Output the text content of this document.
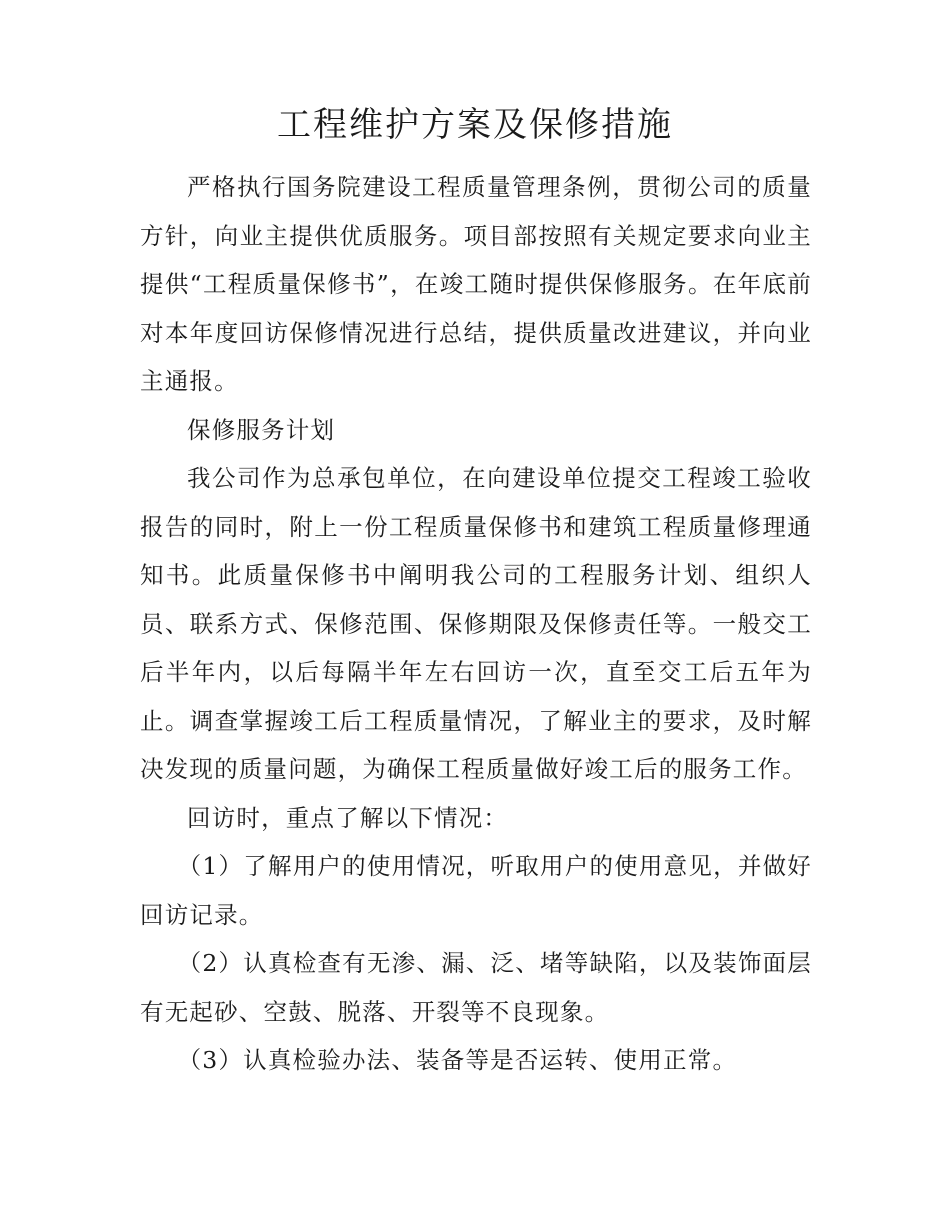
工程维护方案及保修措施

严格执行国务院建设工程质量管理条例，贯彻公司的质量方针，向业主提供优质服务。项目部按照有关规定要求向业主提供“工程质量保修书”，在竣工随时提供保修服务。在年底前对本年度回访保修情况进行总结，提供质量改进建议，并向业主通报。

保修服务计划

我公司作为总承包单位，在向建设单位提交工程竣工验收报告的同时，附上一份工程质量保修书和建筑工程质量修理通知书。此质量保修书中阐明我公司的工程服务计划、组织人员、联系方式、保修范围、保修期限及保修责任等。一般交工后半年内，以后每隔半年左右回访一次，直至交工后五年为止。调查掌握竣工后工程质量情况，了解业主的要求，及时解决发现的质量问题，为确保工程质量做好竣工后的服务工作。

回访时，重点了解以下情况：

（1）了解用户的使用情况，听取用户的使用意见，并做好回访记录。

（2）认真检查有无渗、漏、泛、堵等缺陷，以及装饰面层有无起砂、空鼓、脱落、开裂等不良现象。

（3）认真检验办法、装备等是否运转、使用正常。
